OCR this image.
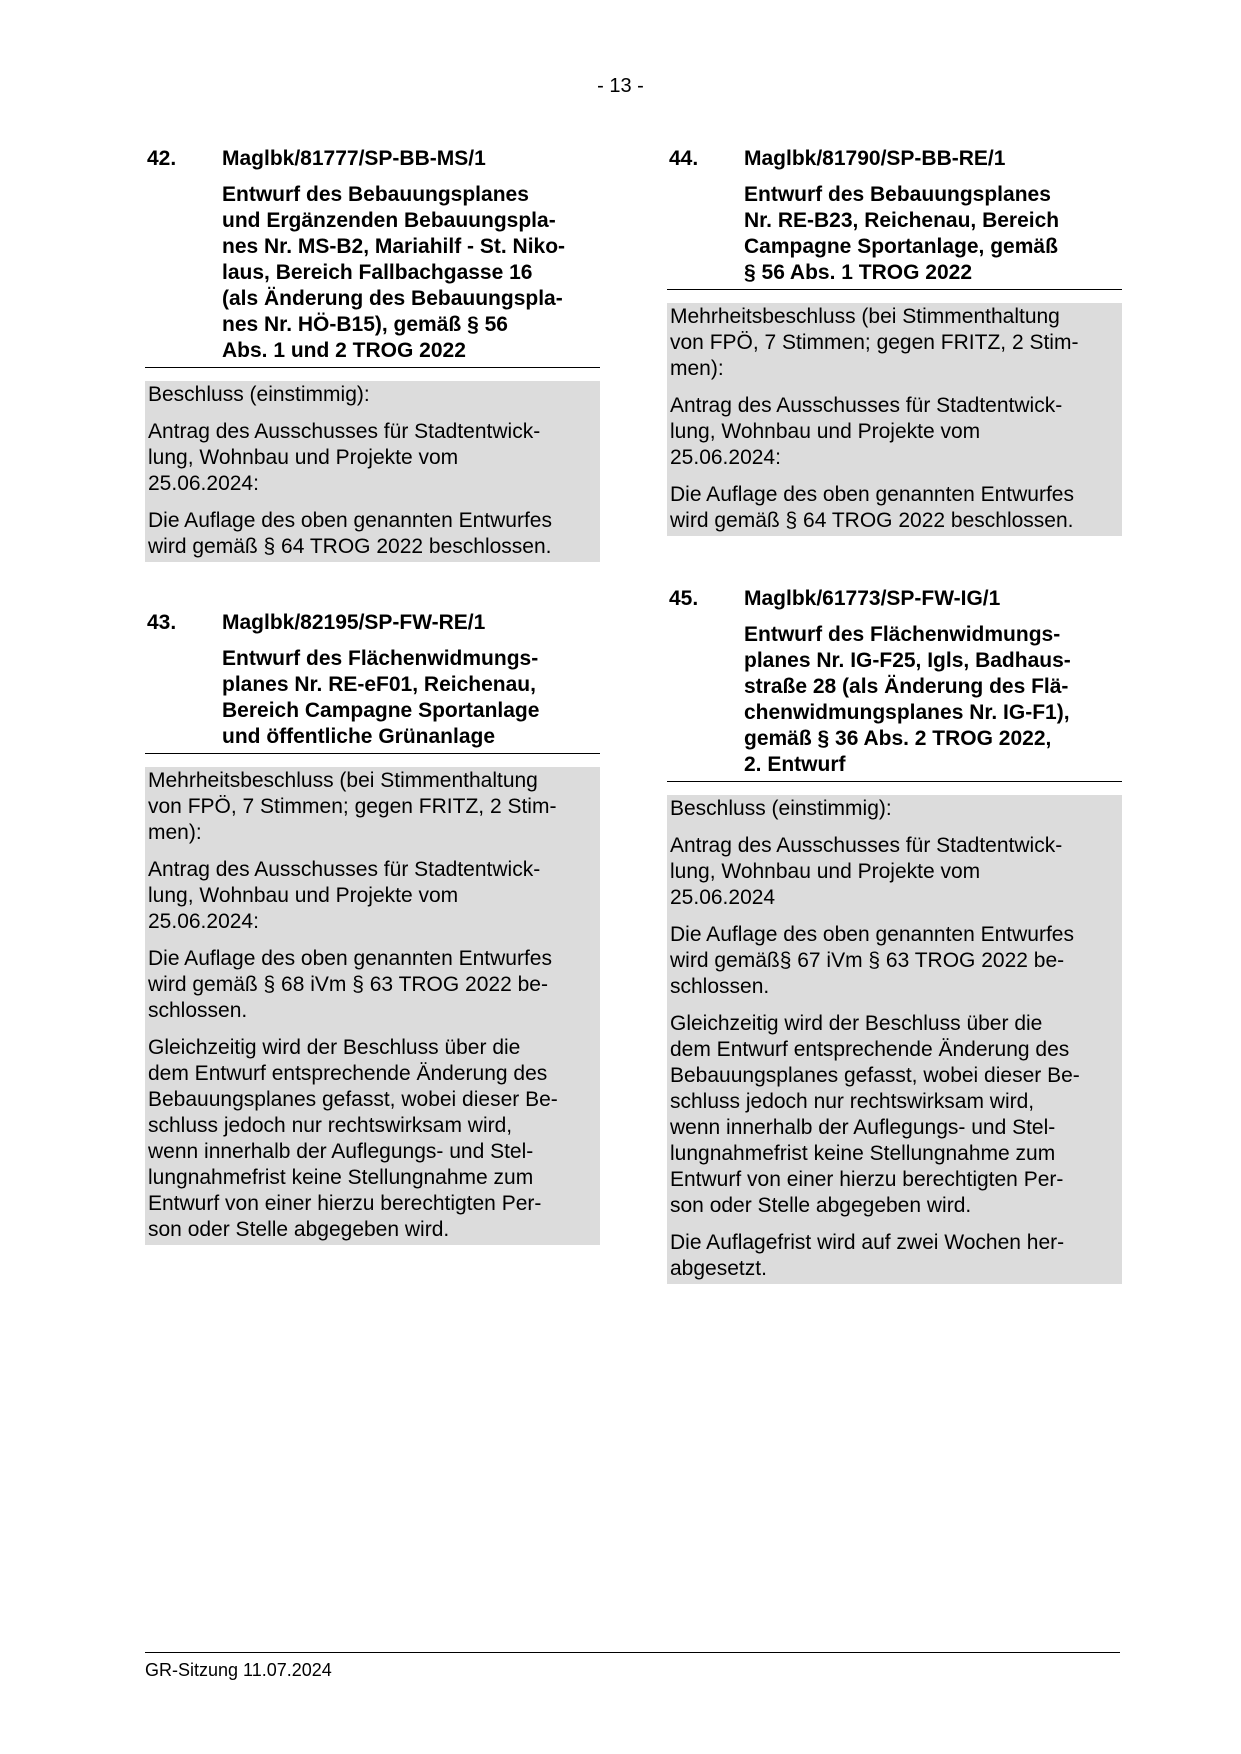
- 13 -
42.	Maglbk/81777/SP-BB-MS/1
Entwurf des Bebauungsplanes
und Ergänzenden Bebauungspla-
nes Nr. MS-B2, Mariahilf - St. Niko-
laus, Bereich Fallbachgasse 16
(als Änderung des Bebauungspla-
nes Nr. HÖ-B15), gemäß § 56
Abs. 1 und 2 TROG 2022

Beschluss (einstimmig):

Antrag des Ausschusses für Stadtentwick-
lung, Wohnbau und Projekte vom
25.06.2024:

Die Auflage des oben genannten Entwurfes
wird gemäß § 64 TROG 2022 beschlossen.

43.	Maglbk/82195/SP-FW-RE/1
Entwurf des Flächenwidmungs-
planes Nr. RE-eF01, Reichenau,
Bereich Campagne Sportanlage
und öffentliche Grünanlage

Mehrheitsbeschluss (bei Stimmenthaltung
von FPÖ, 7 Stimmen; gegen FRITZ, 2 Stim-
men):

Antrag des Ausschusses für Stadtentwick-
lung, Wohnbau und Projekte vom
25.06.2024:

Die Auflage des oben genannten Entwurfes
wird gemäß § 68 iVm § 63 TROG 2022 be-
schlossen.

Gleichzeitig wird der Beschluss über die
dem Entwurf entsprechende Änderung des
Bebauungsplanes gefasst, wobei dieser Be-
schluss jedoch nur rechtswirksam wird,
wenn innerhalb der Auflegungs- und Stel-
lungnahmefrist keine Stellungnahme zum
Entwurf von einer hierzu berechtigten Per-
son oder Stelle abgegeben wird.

44.	Maglbk/81790/SP-BB-RE/1
Entwurf des Bebauungsplanes
Nr. RE-B23, Reichenau, Bereich
Campagne Sportanlage, gemäß
§ 56 Abs. 1 TROG 2022

Mehrheitsbeschluss (bei Stimmenthaltung
von FPÖ, 7 Stimmen; gegen FRITZ, 2 Stim-
men):

Antrag des Ausschusses für Stadtentwick-
lung, Wohnbau und Projekte vom
25.06.2024:

Die Auflage des oben genannten Entwurfes
wird gemäß § 64 TROG 2022 beschlossen.

45.	Maglbk/61773/SP-FW-IG/1
Entwurf des Flächenwidmungs-
planes Nr. IG-F25, Igls, Badhaus-
straße 28 (als Änderung des Flä-
chenwidmungsplanes Nr. IG-F1),
gemäß § 36 Abs. 2 TROG 2022,
2. Entwurf

Beschluss (einstimmig):

Antrag des Ausschusses für Stadtentwick-
lung, Wohnbau und Projekte vom
25.06.2024

Die Auflage des oben genannten Entwurfes
wird gemäß§ 67 iVm § 63 TROG 2022 be-
schlossen.

Gleichzeitig wird der Beschluss über die
dem Entwurf entsprechende Änderung des
Bebauungsplanes gefasst, wobei dieser Be-
schluss jedoch nur rechtswirksam wird,
wenn innerhalb der Auflegungs- und Stel-
lungnahmefrist keine Stellungnahme zum
Entwurf von einer hierzu berechtigten Per-
son oder Stelle abgegeben wird.

Die Auflagefrist wird auf zwei Wochen her-
abgesetzt.

GR-Sitzung 11.07.2024
